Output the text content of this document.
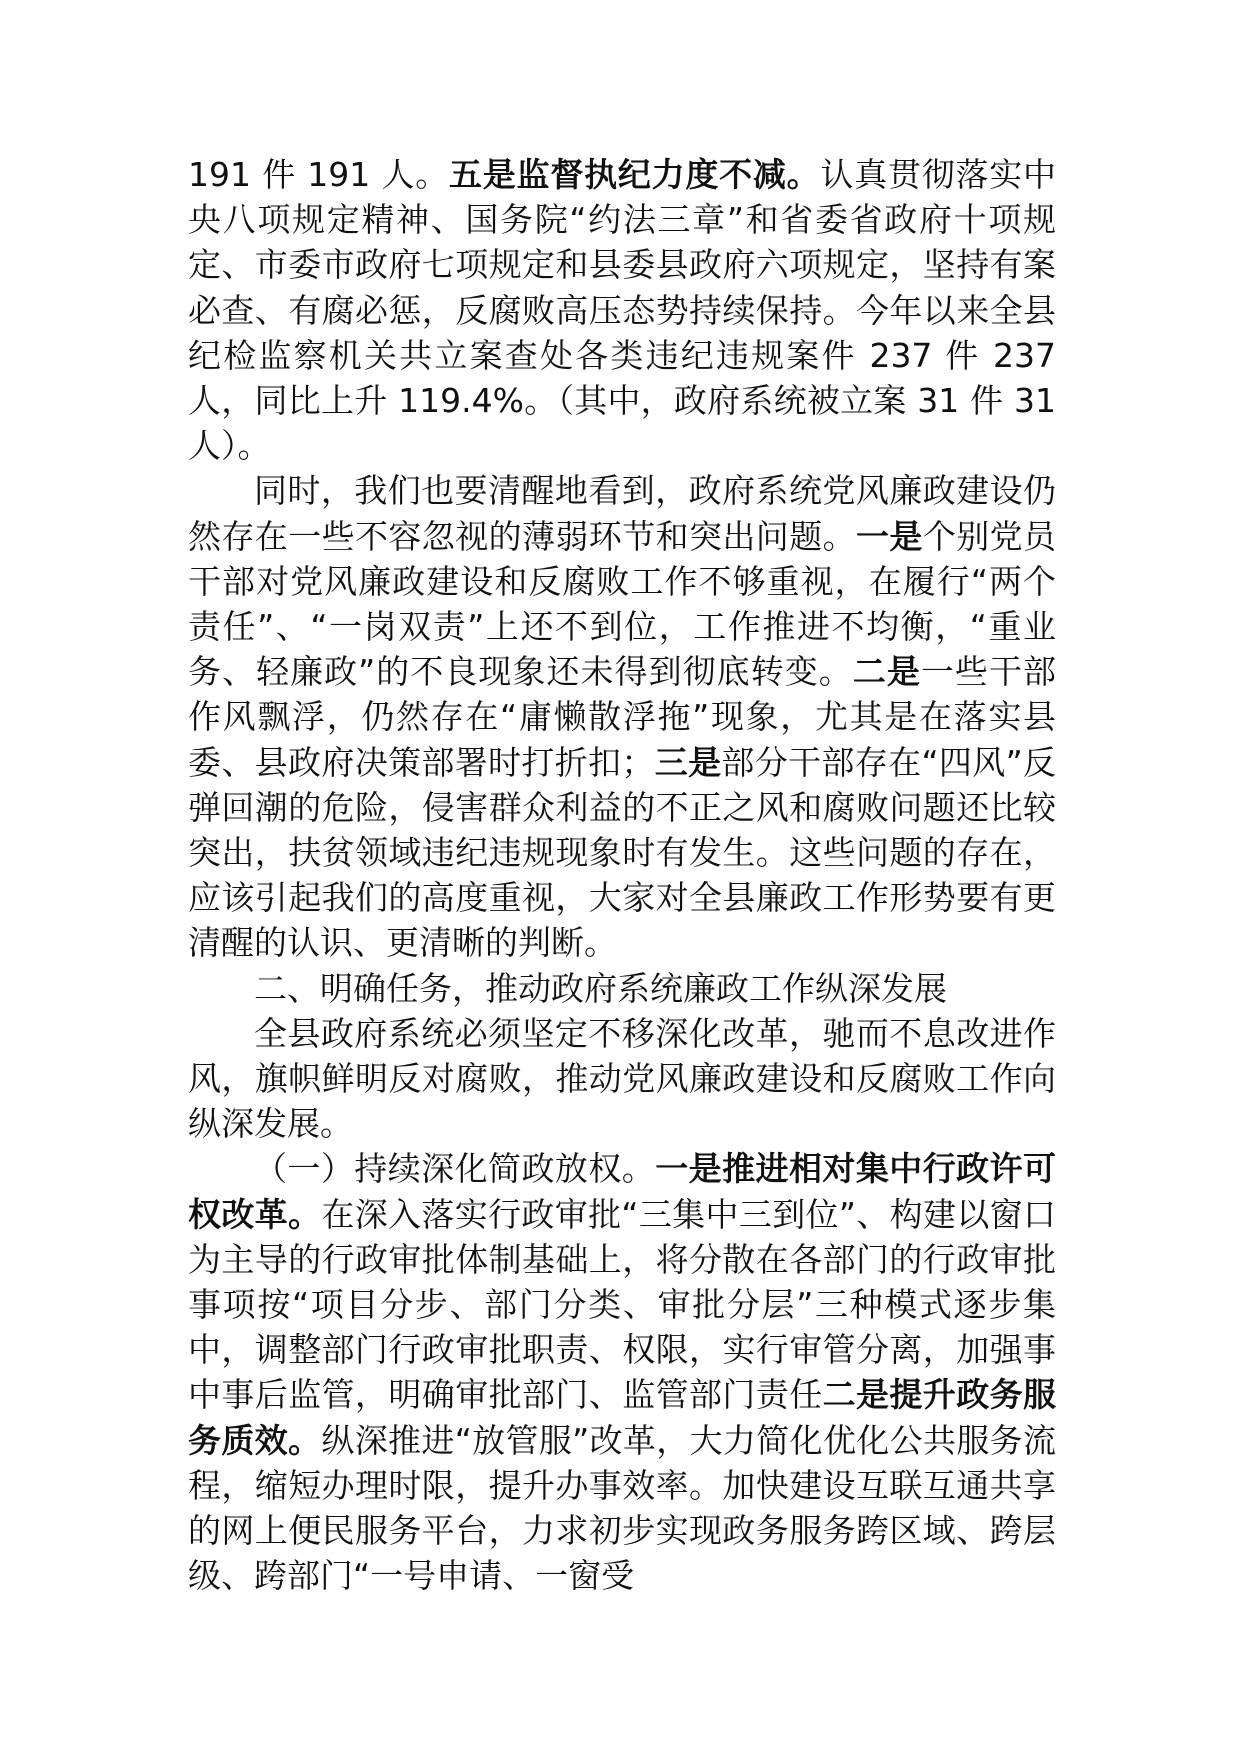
191 件 191 人。五是监督执纪力度不减。认真贯彻落实中央八项规定精神、国务院“约法三章”和省委省政府十项规定、市委市政府七项规定和县委县政府六项规定，坚持有案必查、有腐必惩，反腐败高压态势持续保持。今年以来全县纪检监察机关共立案查处各类违纪违规案件 237 件 237 人，同比上升 119.4%。（其中，政府系统被立案 31 件 31 人）。

同时，我们也要清醒地看到，政府系统党风廉政建设仍然存在一些不容忽视的薄弱环节和突出问题。一是个别党员干部对党风廉政建设和反腐败工作不够重视，在履行“两个责任”、“一岗双责”上还不到位，工作推进不均衡，“重业务、轻廉政”的不良现象还未得到彻底转变。二是一些干部作风飘浮，仍然存在“庸懒散浮拖”现象，尤其是在落实县委、县政府决策部署时打折扣；三是部分干部存在“四风”反弹回潮的危险，侵害群众利益的不正之风和腐败问题还比较突出，扶贫领域违纪违规现象时有发生。这些问题的存在，应该引起我们的高度重视，大家对全县廉政工作形势要有更清醒的认识、更清晰的判断。

二、明确任务，推动政府系统廉政工作纵深发展

全县政府系统必须坚定不移深化改革，驰而不息改进作风，旗帜鲜明反对腐败，推动党风廉政建设和反腐败工作向纵深发展。

（一）持续深化简政放权。一是推进相对集中行政许可权改革。在深入落实行政审批“三集中三到位”、构建以窗口为主导的行政审批体制基础上，将分散在各部门的行政审批事项按“项目分步、部门分类、审批分层”三种模式逐步集中，调整部门行政审批职责、权限，实行审管分离，加强事中事后监管，明确审批部门、监管部门责任二是提升政务服务质效。纵深推进“放管服”改革，大力简化优化公共服务流程，缩短办理时限，提升办事效率。加快建设互联互通共享的网上便民服务平台，力求初步实现政务服务跨区域、跨层级、跨部门“一号申请、一窗受
